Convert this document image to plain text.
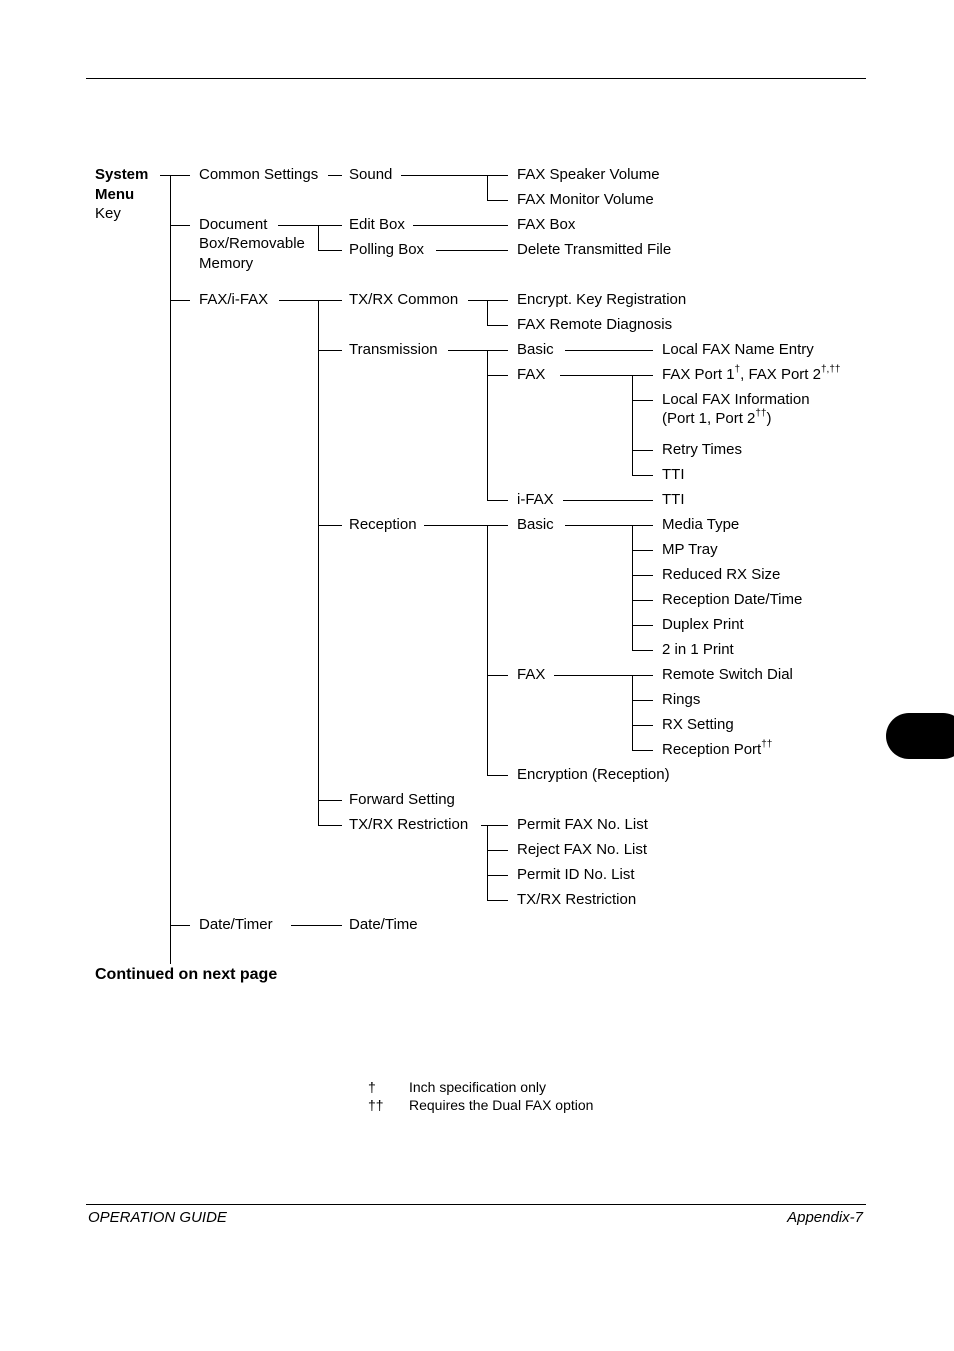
System
Menu
Key
Common Settings
Document
Box/Removable
Memory
FAX/i-FAX
Date/Timer
Sound
Edit Box
Polling Box
TX/RX Common
Transmission
Reception
Forward Setting
TX/RX Restriction
Date/Time
FAX Speaker Volume
FAX Monitor Volume
FAX Box
Delete Transmitted File
Encrypt. Key Registration
FAX Remote Diagnosis
Basic
FAX
i-FAX
Basic
FAX
Encryption (Reception)
Permit FAX No. List
Reject FAX No. List
Permit ID No. List
TX/RX Restriction
Local FAX Name Entry
FAX Port 1†, FAX Port 2†,††
Local FAX Information
(Port 1, Port 2††)
Retry Times
TTI
TTI
Media Type
MP Tray
Reduced RX Size
Reception Date/Time
Duplex Print
2 in 1 Print
Remote Switch Dial
Rings
RX Setting
Reception Port††
Continued on next page
† Inch specification only
†† Requires the Dual FAX option
OPERATION GUIDE	Appendix-7
